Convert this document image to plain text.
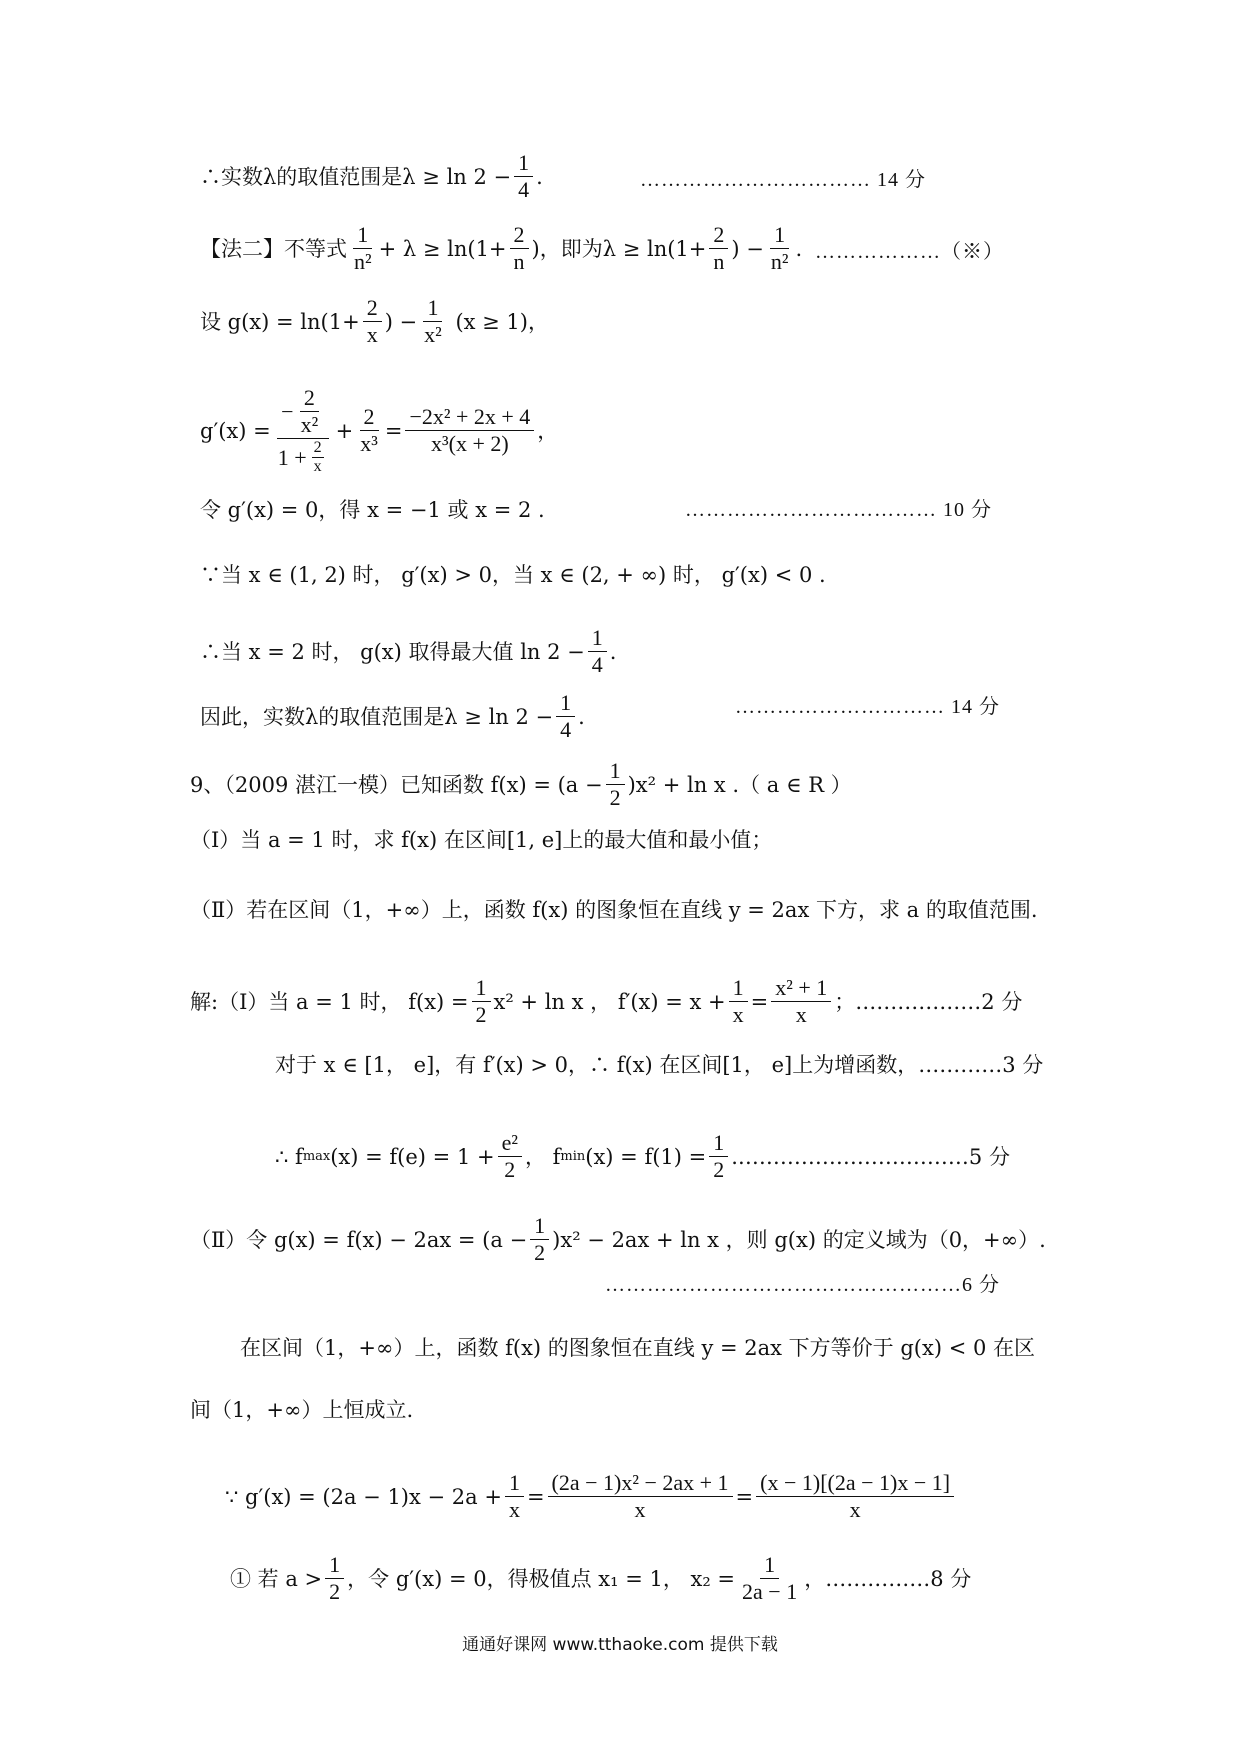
∴实数λ的取值范围是$\lambda \ge \ln 2 - \frac{1}{4}$ .	…………………………… 14 分
【法二】不等式 $\frac{1}{\text{n²}} + \lambda \ge \ln(1+ \frac{2}{n}$ )，即为$\lambda \ge \ln(1+ \frac{2}{n}$ ) − $\frac{1}{\text{n²}}$ . ………………（※）
设 $g(x) = \ln(1+ \frac{2}{x}$ ) − $\frac{1}{\text{x²}} (x \ge 1)$，
$g'(x) = \frac{- \frac{2}{\text{x²}}}{1 + \frac{2}{x}} + \frac{2}{\text{x³}} = \frac{\text{−2x² + 2x + 4}}{\text{x³(x + 2)}}$ ，
令 g′(x) = 0，得 x = −1 或 x = 2 .	……………………………… 10 分
∵当 x ∈ (1, 2) 时， g′(x) > 0，当 x ∈ (2, + ∞) 时， g′(x) < 0 .
∴当 x = 2 时， g(x) 取得最大值 $\ln 2 - \frac{1}{4}$ .
因此，实数λ的取值范围是$\lambda \ge \ln 2 - \frac{1}{4}$ .	………………………… 14 分
9、（2009 湛江一模）已知函数 $f(x) = (a - \frac{1}{2} )x^2 + \ln x$ .（ a ∈ R ）
（Ⅰ）当 a = 1 时，求 f(x) 在区间[1, e]上的最大值和最小值；
（Ⅱ）若在区间（1，+∞）上，函数 f(x) 的图象恒在直线 y = 2ax 下方，求 a 的取值范围.
解:（Ⅰ）当 a = 1 时， $f(x) = \frac{1}{2} x^2 + \ln x$ ， $f'(x) = x + \frac{1}{x} = \frac{\text{x² + 1}}{x}$ ；………………2 分
对于 x ∈ [1， e]，有 f′(x) > 0，∴ f(x) 在区间[1， e]上为增函数，…………3 分
∴ f $\max (x) = f(e) = 1 + \frac{\text{e²}}{2}$ ， f $\min (x) = f(1) = \frac{1}{2}$ .……………………………5 分
（Ⅱ）令 $g(x) = f(x) - 2ax = (a - \frac{1}{2} )x^2 - 2ax + \ln x$ ，则 g(x) 的定义域为（0，+∞）.
……………………………………………6 分
在区间（1，+∞）上，函数 f(x) 的图象恒在直线 y = 2ax 下方等价于 g(x) < 0 在区
间（1，+∞）上恒成立.
∵ $g'(x) = (2a - 1)x - 2a + \frac{1}{x} = \frac{\text{(2a − 1)x² − 2ax + 1}}{x} = \frac{(x - 1)[(2a - 1)x - 1]}{x}$
① 若 $a > \frac{1}{2}$ ，令 g′(x) = 0，得极值点 x₁ = 1， $x_2 = \frac{1}{2a - 1}$ ，……………8 分
通通好课网 www.tthaoke.com 提供下载
